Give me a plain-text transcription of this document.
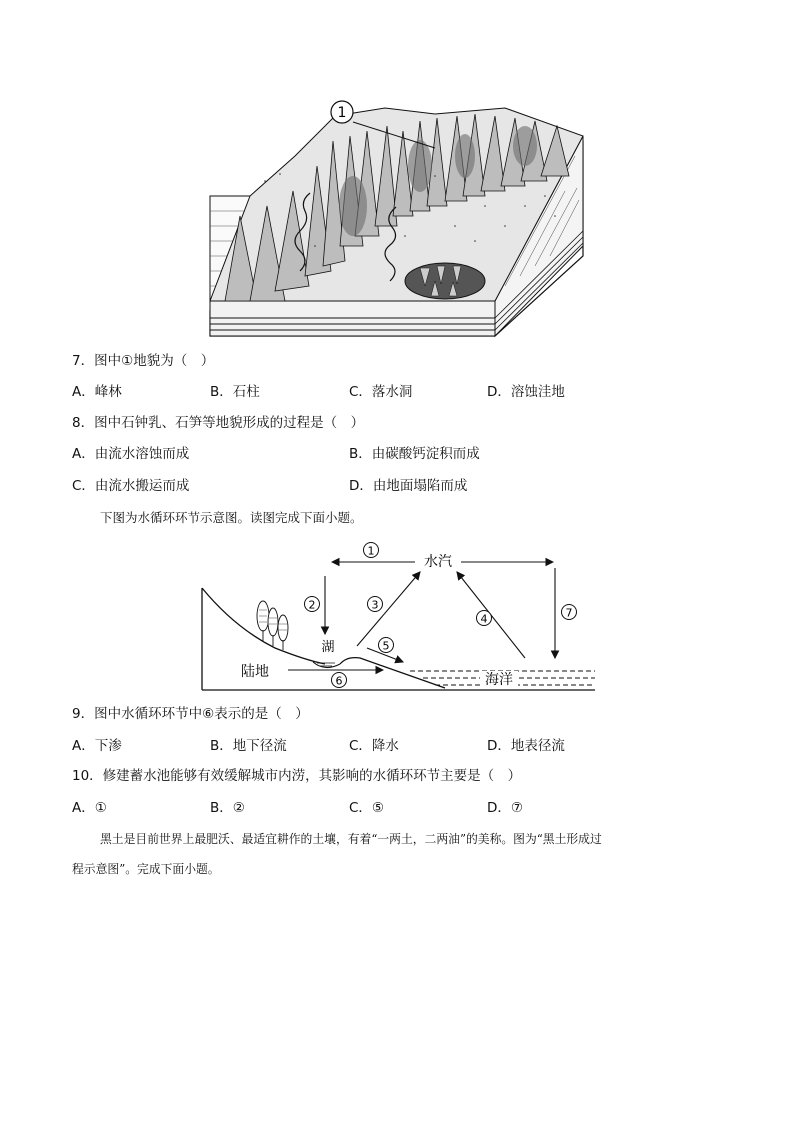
1
7．图中①地貌为（　）
A．峰林	B．石柱	C．落水洞	D．溶蚀洼地
8．图中石钟乳、石笋等地貌形成的过程是（　）
A．由流水溶蚀而成	B．由碳酸钙淀积而成
C．由流水搬运而成	D．由地面塌陷而成
下图为水循环环节示意图。读图完成下面小题。
1
水汽
2
湖
3
4	7
5
陆地
6	海洋
9．图中水循环环节中⑥表示的是（　）
A．下渗	B．地下径流	C．降水	D．地表径流
10．修建蓄水池能够有效缓解城市内涝，其影响的水循环环节主要是（　）
A．①	B．②	C．⑤	D．⑦
黑土是目前世界上最肥沃、最适宜耕作的土壤，有着“一两土，二两油”的美称。图为“黑土形成过
程示意图”。完成下面小题。
